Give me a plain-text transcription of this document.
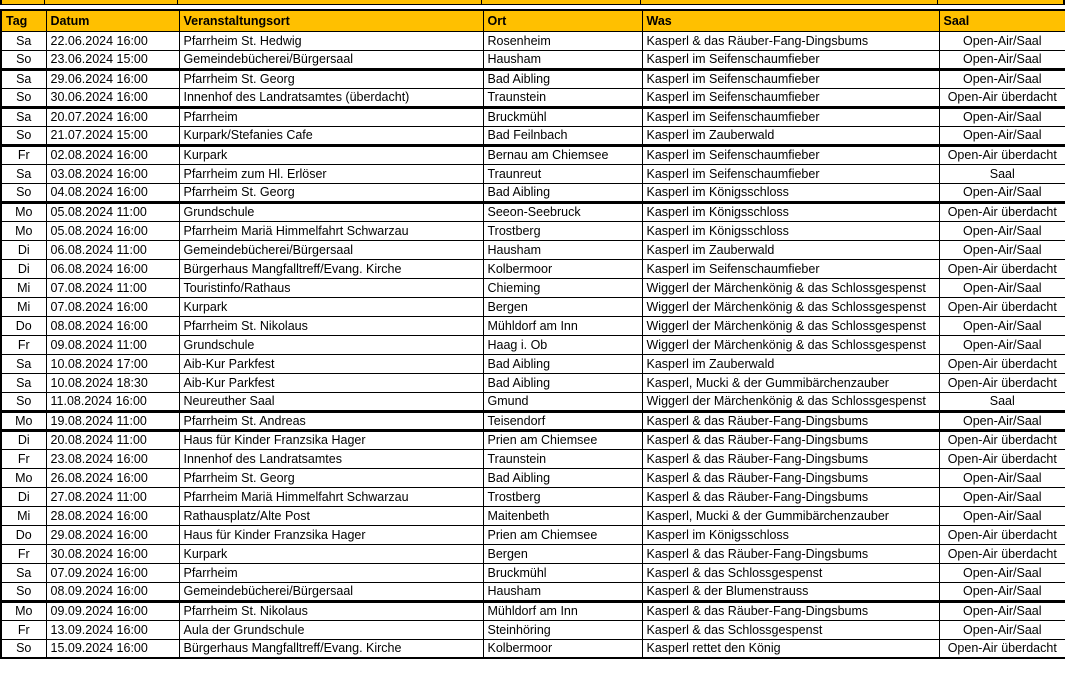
Tag	Datum	Veranstaltungsort	Ort	Was	Saal
Sa	22.06.2024 16:00	Pfarrheim St. Hedwig	Rosenheim	Kasperl & das Räuber-Fang-Dingsbums	Open-Air/Saal
So	23.06.2024 15:00	Gemeindebücherei/Bürgersaal	Hausham	Kasperl im Seifenschaumfieber	Open-Air/Saal
Sa	29.06.2024 16:00	Pfarrheim St. Georg	Bad Aibling	Kasperl im Seifenschaumfieber	Open-Air/Saal
So	30.06.2024 16:00	Innenhof des Landratsamtes (überdacht)	Traunstein	Kasperl im Seifenschaumfieber	Open-Air überdacht
Sa	20.07.2024 16:00	Pfarrheim	Bruckmühl	Kasperl im Seifenschaumfieber	Open-Air/Saal
So	21.07.2024 15:00	Kurpark/Stefanies Cafe	Bad Feilnbach	Kasperl im Zauberwald	Open-Air/Saal
Fr	02.08.2024 16:00	Kurpark	Bernau am Chiemsee	Kasperl im Seifenschaumfieber	Open-Air überdacht
Sa	03.08.2024 16:00	Pfarrheim zum Hl. Erlöser	Traunreut	Kasperl im Seifenschaumfieber	Saal
So	04.08.2024 16:00	Pfarrheim St. Georg	Bad Aibling	Kasperl im Königsschloss	Open-Air/Saal
Mo	05.08.2024 11:00	Grundschule	Seeon-Seebruck	Kasperl im Königsschloss	Open-Air überdacht
Mo	05.08.2024 16:00	Pfarrheim Mariä Himmelfahrt Schwarzau	Trostberg	Kasperl im Königsschloss	Open-Air/Saal
Di	06.08.2024 11:00	Gemeindebücherei/Bürgersaal	Hausham	Kasperl im Zauberwald	Open-Air/Saal
Di	06.08.2024 16:00	Bürgerhaus Mangfalltreff/Evang. Kirche	Kolbermoor	Kasperl im Seifenschaumfieber	Open-Air überdacht
Mi	07.08.2024 11:00	Touristinfo/Rathaus	Chieming	Wiggerl der Märchenkönig & das Schlossgespenst	Open-Air/Saal
Mi	07.08.2024 16:00	Kurpark	Bergen	Wiggerl der Märchenkönig & das Schlossgespenst	Open-Air überdacht
Do	08.08.2024 16:00	Pfarrheim St. Nikolaus	Mühldorf am Inn	Wiggerl der Märchenkönig & das Schlossgespenst	Open-Air/Saal
Fr	09.08.2024 11:00	Grundschule	Haag i. Ob	Wiggerl der Märchenkönig & das Schlossgespenst	Open-Air/Saal
Sa	10.08.2024 17:00	Aib-Kur Parkfest	Bad Aibling	Kasperl im Zauberwald	Open-Air überdacht
Sa	10.08.2024 18:30	Aib-Kur Parkfest	Bad Aibling	Kasperl, Mucki & der Gummibärchenzauber	Open-Air überdacht
So	11.08.2024 16:00	Neureuther Saal	Gmund	Wiggerl der Märchenkönig & das Schlossgespenst	Saal
Mo	19.08.2024 11:00	Pfarrheim St. Andreas	Teisendorf	Kasperl & das Räuber-Fang-Dingsbums	Open-Air/Saal
Di	20.08.2024 11:00	Haus für Kinder Franzsika Hager	Prien am Chiemsee	Kasperl & das Räuber-Fang-Dingsbums	Open-Air überdacht
Fr	23.08.2024 16:00	Innenhof des Landratsamtes	Traunstein	Kasperl & das Räuber-Fang-Dingsbums	Open-Air überdacht
Mo	26.08.2024 16:00	Pfarrheim St. Georg	Bad Aibling	Kasperl & das Räuber-Fang-Dingsbums	Open-Air/Saal
Di	27.08.2024 11:00	Pfarrheim Mariä Himmelfahrt Schwarzau	Trostberg	Kasperl & das Räuber-Fang-Dingsbums	Open-Air/Saal
Mi	28.08.2024 16:00	Rathausplatz/Alte Post	Maitenbeth	Kasperl, Mucki & der Gummibärchenzauber	Open-Air/Saal
Do	29.08.2024 16:00	Haus für Kinder Franzsika Hager	Prien am Chiemsee	Kasperl im Königsschloss	Open-Air überdacht
Fr	30.08.2024 16:00	Kurpark	Bergen	Kasperl & das Räuber-Fang-Dingsbums	Open-Air überdacht
Sa	07.09.2024 16:00	Pfarrheim	Bruckmühl	Kasperl & das Schlossgespenst	Open-Air/Saal
So	08.09.2024 16:00	Gemeindebücherei/Bürgersaal	Hausham	Kasperl & der Blumenstrauss	Open-Air/Saal
Mo	09.09.2024 16:00	Pfarrheim St. Nikolaus	Mühldorf am Inn	Kasperl & das Räuber-Fang-Dingsbums	Open-Air/Saal
Fr	13.09.2024 16:00	Aula der Grundschule	Steinhöring	Kasperl & das Schlossgespenst	Open-Air/Saal
So	15.09.2024 16:00	Bürgerhaus Mangfalltreff/Evang. Kirche	Kolbermoor	Kasperl rettet den König	Open-Air überdacht
